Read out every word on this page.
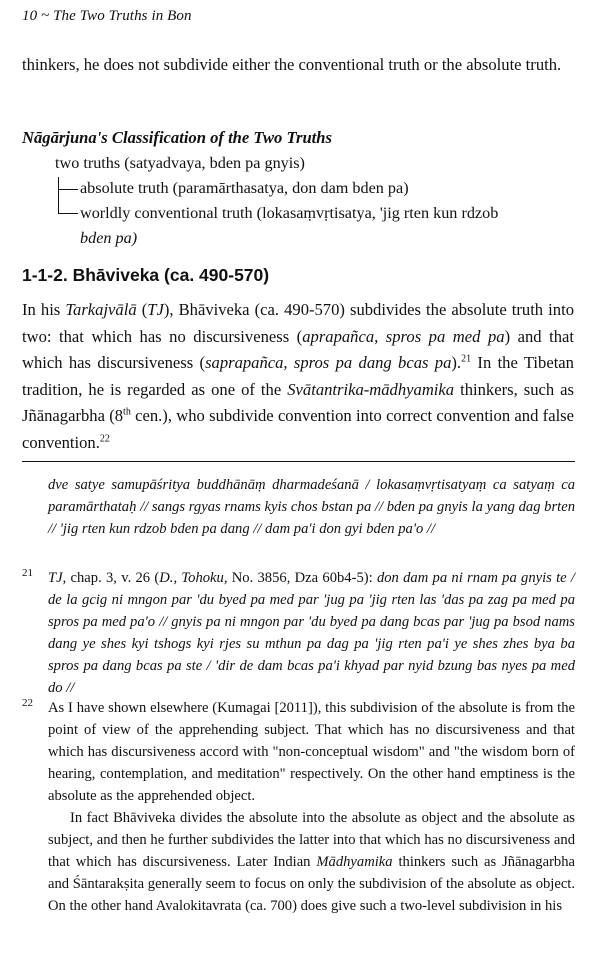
10 ~ The Two Truths in Bon
thinkers, he does not subdivide either the conventional truth or the absolute truth.
Nāgārjuna's Classification of the Two Truths
two truths (satyadvaya, bden pa gnyis)
absolute truth (paramārthasatya, don dam bden pa)
worldly conventional truth (lokasaṃvṛtisatya, 'jig rten kun rdzob
bden pa)
1-1-2. Bhāviveka (ca. 490-570)
In his Tarkajvālā (TJ), Bhāviveka (ca. 490-570) subdivides the absolute truth into two: that which has no discursiveness (aprapañca, spros pa med pa) and that which has discursiveness (saprapañca, spros pa dang bcas pa).$^{21}$ In the Tibetan tradition, he is regarded as one of the Svātantrika-mādhyamika thinkers, such as Jñānagarbha (8th cen.), who subdivide convention into correct convention and false convention.$^{22}$
dve satye samupāśritya buddhānāṃ dharmadeśanā / lokasaṃvṛtisatyaṃ ca satyaṃ ca paramārthataḥ // sangs rgyas rnams kyis chos bstan pa // bden pa gnyis la yang dag brten // 'jig rten kun rdzob bden pa dang // dam pa'i don gyi bden pa'o //
21 TJ, chap. 3, v. 26 (D., Tohoku, No. 3856, Dza 60b4-5): don dam pa ni rnam pa gnyis te / de la gcig ni mngon par 'du byed pa med par 'jug pa 'jig rten las 'das pa zag pa med pa spros pa med pa'o // gnyis pa ni mngon par 'du byed pa dang bcas par 'jug pa bsod nams dang ye shes kyi tshogs kyi rjes su mthun pa dag pa 'jig rten pa'i ye shes zhes bya ba spros pa dang bcas pa ste / 'dir de dam bcas pa'i khyad par nyid bzung bas nyes pa med do //
22 As I have shown elsewhere (Kumagai [2011]), this subdivision of the absolute is from the point of view of the apprehending subject. That which has no discursiveness and that which has discursiveness accord with "non-conceptual wisdom" and "the wisdom born of hearing, contemplation, and meditation" respectively. On the other hand emptiness is the absolute as the apprehended object.

In fact Bhāviveka divides the absolute into the absolute as object and the absolute as subject, and then he further subdivides the latter into that which has no discursiveness and that which has discursiveness. Later Indian Mādhyamika thinkers such as Jñānagarbha and Śāntarakṣita generally seem to focus on only the subdivision of the absolute as object. On the other hand Avalokitavrata (ca. 700) does give such a two-level subdivision in his
